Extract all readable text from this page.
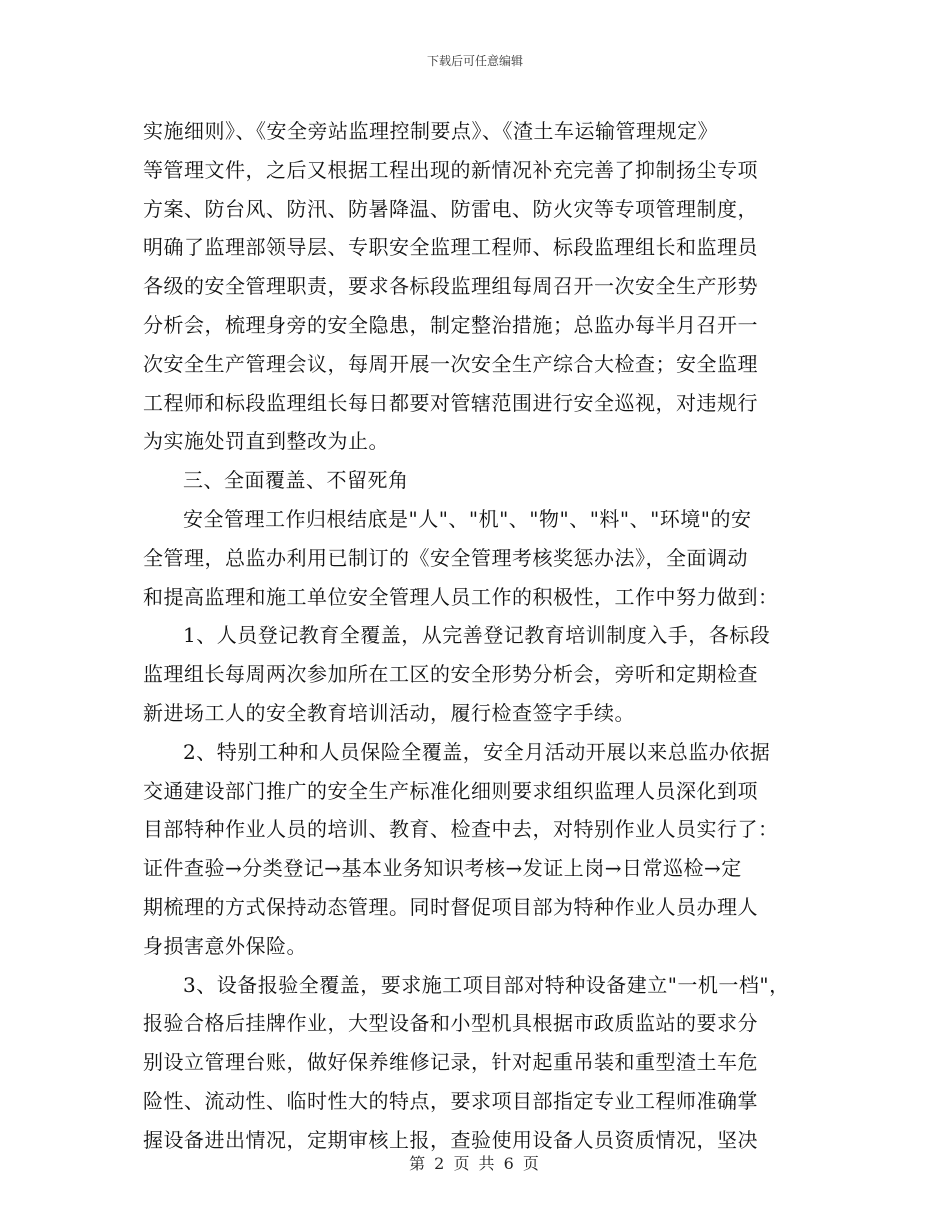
下载后可任意编辑
实施细则》、《安全旁站监理控制要点》、《渣土车运输管理规定》
等管理文件，之后又根据工程出现的新情况补充完善了抑制扬尘专项
方案、防台风、防汛、防暑降温、防雷电、防火灾等专项管理制度，
明确了监理部领导层、专职安全监理工程师、标段监理组长和监理员
各级的安全管理职责，要求各标段监理组每周召开一次安全生产形势
分析会，梳理身旁的安全隐患，制定整治措施；总监办每半月召开一
次安全生产管理会议，每周开展一次安全生产综合大检查；安全监理
工程师和标段监理组长每日都要对管辖范围进行安全巡视，对违规行
为实施处罚直到整改为止。
三、全面覆盖、不留死角
安全管理工作归根结底是"人"、"机"、"物"、"料"、"环境"的安
全管理，总监办利用已制订的《安全管理考核奖惩办法》，全面调动
和提高监理和施工单位安全管理人员工作的积极性，工作中努力做到：
1、人员登记教育全覆盖，从完善登记教育培训制度入手，各标段
监理组长每周两次参加所在工区的安全形势分析会，旁听和定期检查
新进场工人的安全教育培训活动，履行检查签字手续。
2、特别工种和人员保险全覆盖，安全月活动开展以来总监办依据
交通建设部门推广的安全生产标准化细则要求组织监理人员深化到项
目部特种作业人员的培训、教育、检查中去，对特别作业人员实行了：
证件查验→分类登记→基本业务知识考核→发证上岗→日常巡检→定
期梳理的方式保持动态管理。同时督促项目部为特种作业人员办理人
身损害意外保险。
3、设备报验全覆盖，要求施工项目部对特种设备建立"一机一档"，
报验合格后挂牌作业，大型设备和小型机具根据市政质监站的要求分
别设立管理台账，做好保养维修记录，针对起重吊装和重型渣土车危
险性、流动性、临时性大的特点，要求项目部指定专业工程师准确掌
握设备进出情况，定期审核上报，查验使用设备人员资质情况，坚决
第 2 页 共 6 页
